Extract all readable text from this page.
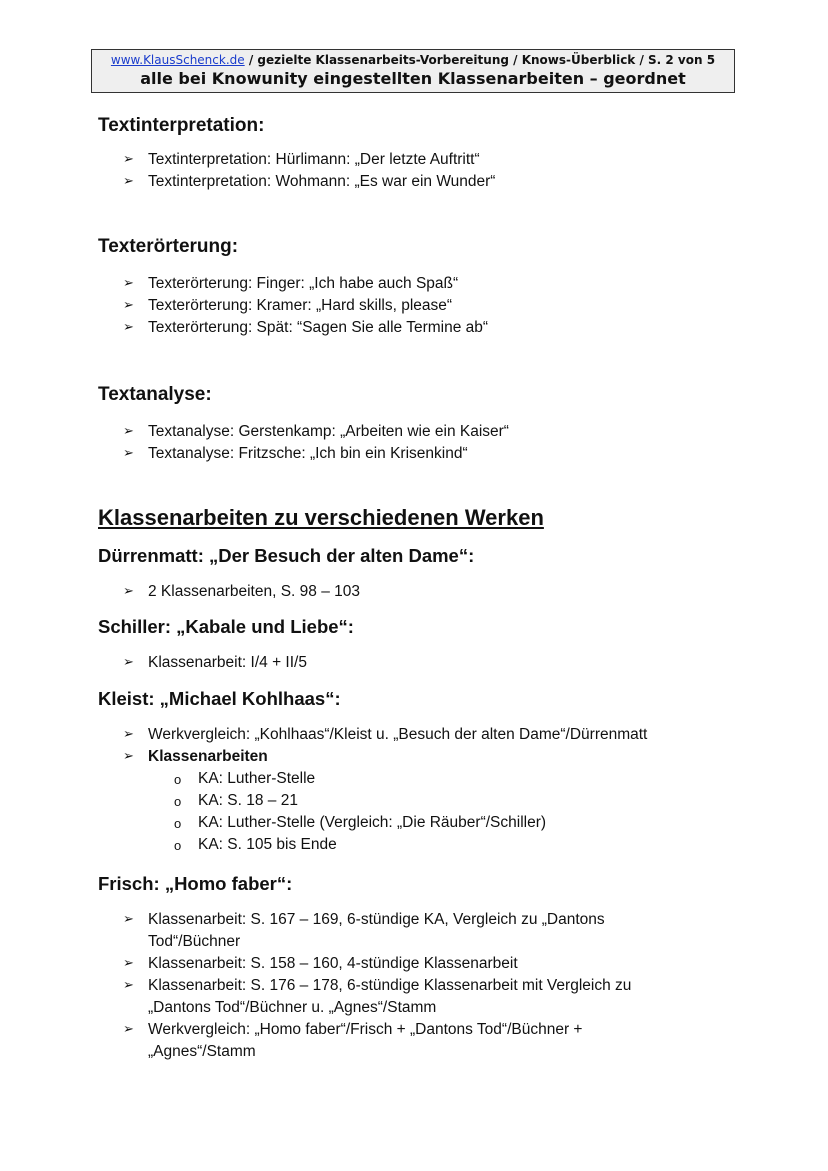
www.KlausSchenck.de / gezielte Klassenarbeits-Vorbereitung / Knows-Überblick / S. 2 von 5
alle bei Knowunity eingestellten Klassenarbeiten – geordnet
Textinterpretation:
➢ Textinterpretation: Hürlimann: „Der letzte Auftritt“
➢ Textinterpretation: Wohmann: „Es war ein Wunder“
Texterörterung:
➢ Texterörterung: Finger: „Ich habe auch Spaß“
➢ Texterörterung: Kramer: „Hard skills, please“
➢ Texterörterung: Spät: “Sagen Sie alle Termine ab“
Textanalyse:
➢ Textanalyse: Gerstenkamp: „Arbeiten wie ein Kaiser“
➢ Textanalyse: Fritzsche: „Ich bin ein Krisenkind“
Klassenarbeiten zu verschiedenen Werken
Dürrenmatt: „Der Besuch der alten Dame“:
➢ 2 Klassenarbeiten, S. 98 – 103
Schiller: „Kabale und Liebe“:
➢ Klassenarbeit: I/4 + II/5
Kleist: „Michael Kohlhaas“:
➢ Werkvergleich: „Kohlhaas“/Kleist u. „Besuch der alten Dame“/Dürrenmatt
➢ Klassenarbeiten
o KA: Luther-Stelle
o KA: S. 18 – 21
o KA: Luther-Stelle (Vergleich: „Die Räuber“/Schiller)
o KA: S. 105 bis Ende
Frisch: „Homo faber“:
➢ Klassenarbeit: S. 167 – 169, 6-stündige KA, Vergleich zu „Dantons Tod“/Büchner
➢ Klassenarbeit: S. 158 – 160, 4-stündige Klassenarbeit
➢ Klassenarbeit: S. 176 – 178, 6-stündige Klassenarbeit mit Vergleich zu „Dantons Tod“/Büchner u. „Agnes“/Stamm
➢ Werkvergleich: „Homo faber“/Frisch + „Dantons Tod“/Büchner + „Agnes“/Stamm
